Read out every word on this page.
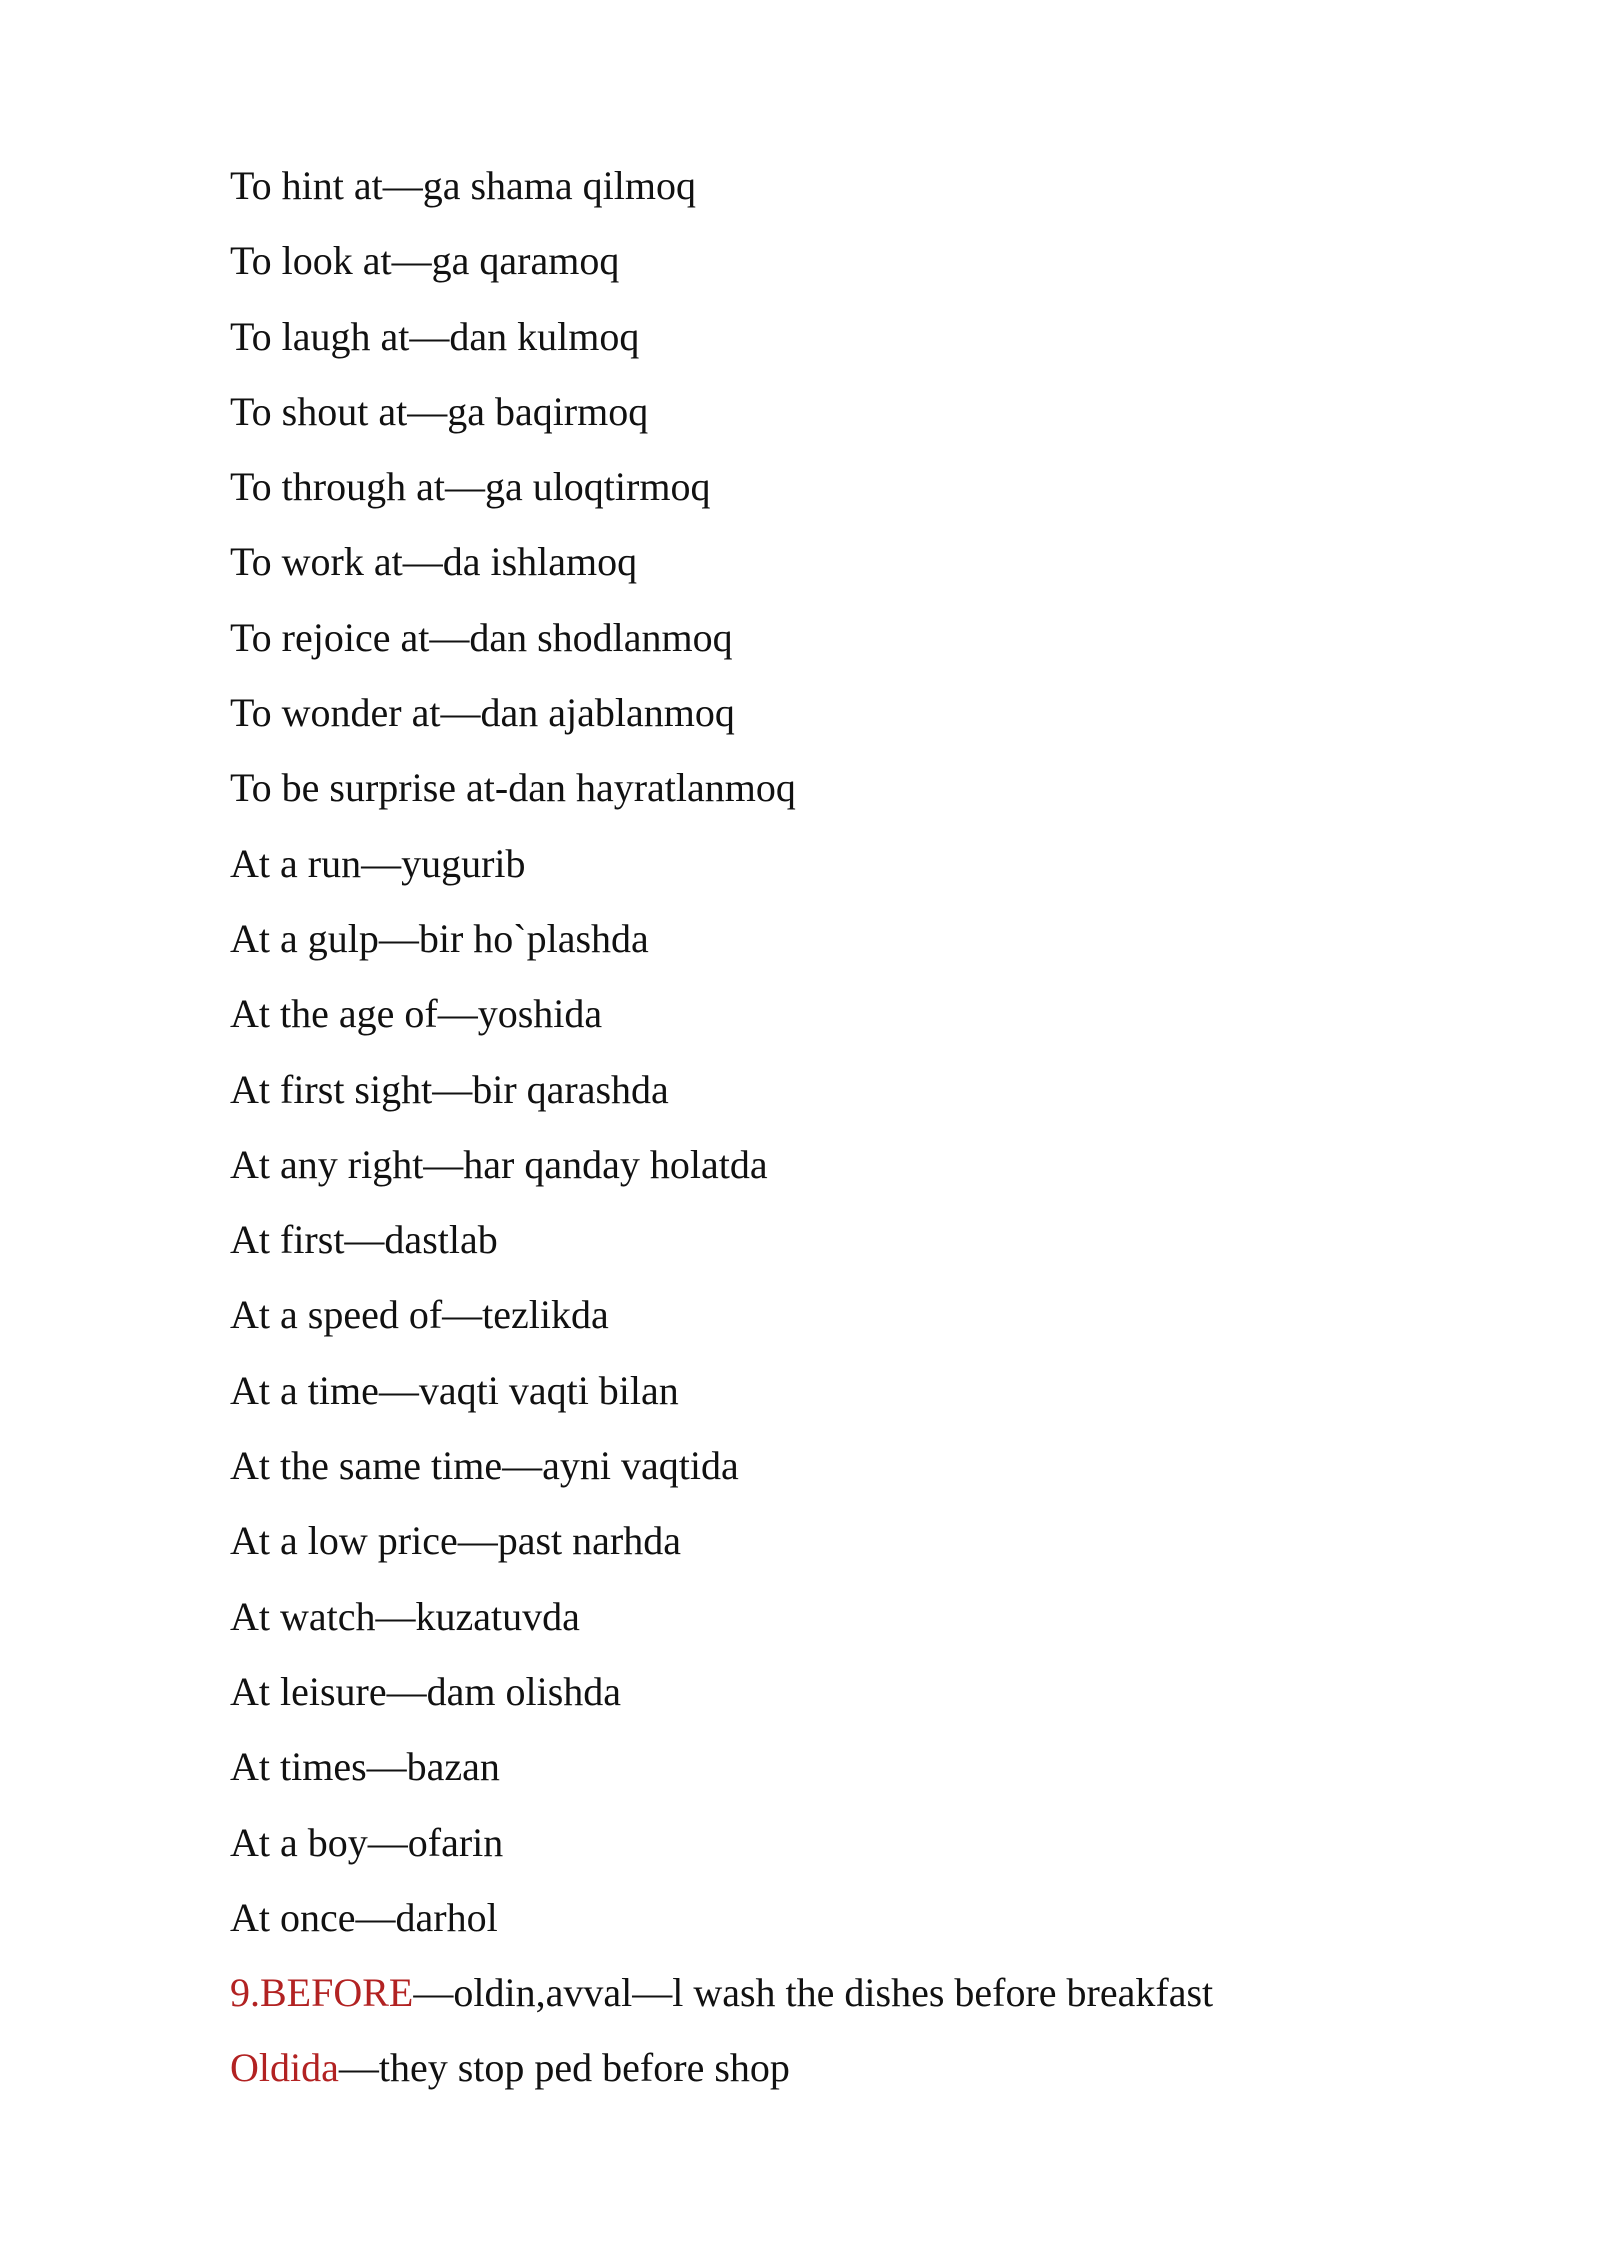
To hint at—ga shama qilmoq
To look at—ga qaramoq
To laugh at—dan kulmoq
To shout at—ga baqirmoq
To through at—ga uloqtirmoq
To work at—da ishlamoq
To rejoice at—dan shodlanmoq
To wonder at—dan ajablanmoq
To be surprise at-dan hayratlanmoq
At a run—yugurib
At a gulp—bir ho`plashda
At the age of—yoshida
At first sight—bir qarashda
At any right—har qanday holatda
At first—dastlab
At a speed of—tezlikda
At a time—vaqti vaqti bilan
At the same time—ayni vaqtida
At a low price—past narhda
At watch—kuzatuvda
At leisure—dam olishda
At times—bazan
At a boy—ofarin
At once—darhol
9.BEFORE—oldin,avval—l wash the dishes before breakfast
Oldida—they stop ped before shop
